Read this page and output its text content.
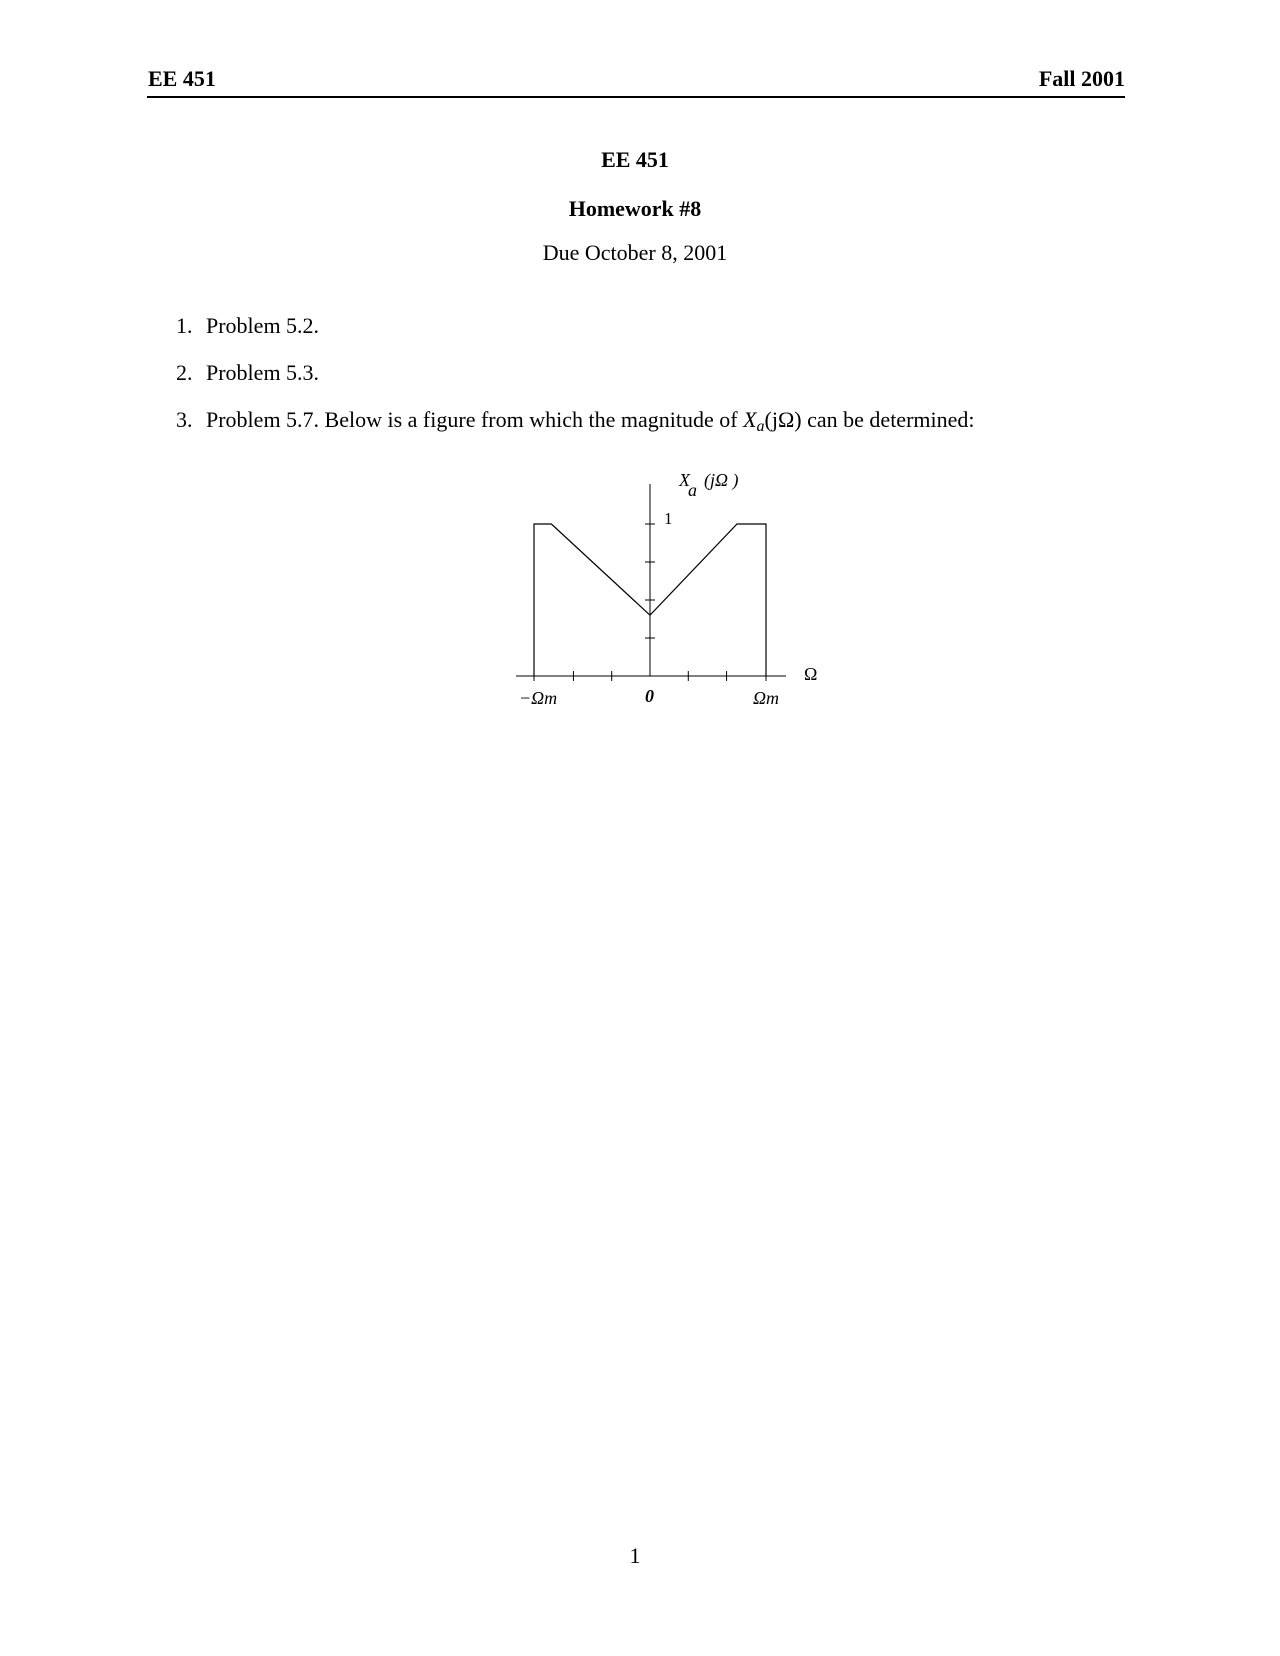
EE 451	Fall 2001
EE 451
Homework #8
Due October 8, 2001
1. Problem 5.2.
2. Problem 5.3.
3. Problem 5.7. Below is a figure from which the magnitude of Xa(jΩ) can be determined:
X
a (jΩ )
1
Ω
−Ωm	0	Ωm
1
